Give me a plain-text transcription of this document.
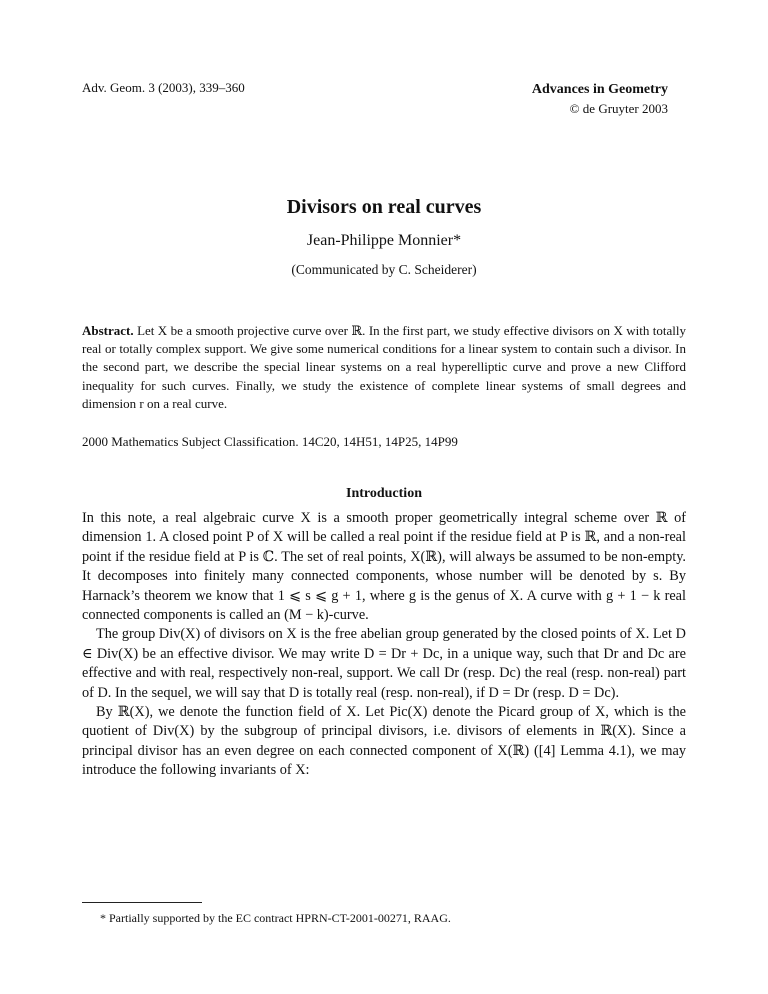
Adv. Geom. 3 (2003), 339–360	Advances in Geometry
© de Gruyter 2003
Divisors on real curves
Jean-Philippe Monnier*
(Communicated by C. Scheiderer)

Abstract. Let X be a smooth projective curve over ℝ. In the first part, we study effective divisors on X with totally real or totally complex support. We give some numerical conditions for a linear system to contain such a divisor. In the second part, we describe the special linear systems on a real hyperelliptic curve and prove a new Clifford inequality for such curves. Finally, we study the existence of complete linear systems of small degrees and dimension r on a real curve.

2000 Mathematics Subject Classification. 14C20, 14H51, 14P25, 14P99

Introduction

In this note, a real algebraic curve X is a smooth proper geometrically integral scheme over ℝ of dimension 1. A closed point P of X will be called a real point if the residue field at P is ℝ, and a non-real point if the residue field at P is ℂ. The set of real points, X(ℝ), will always be assumed to be non-empty. It decomposes into finitely many connected components, whose number will be denoted by s. By Harnack’s theorem we know that 1 ⩽ s ⩽ g + 1, where g is the genus of X. A curve with g + 1 − k real connected components is called an (M − k)-curve.

The group Div(X) of divisors on X is the free abelian group generated by the closed points of X. Let D ∈ Div(X) be an effective divisor. We may write D = Dr + Dc, in a unique way, such that Dr and Dc are effective and with real, respectively non-real, support. We call Dr (resp. Dc) the real (resp. non-real) part of D. In the sequel, we will say that D is totally real (resp. non-real), if D = Dr (resp. D = Dc).

By ℝ(X), we denote the function field of X. Let Pic(X) denote the Picard group of X, which is the quotient of Div(X) by the subgroup of principal divisors, i.e. divisors of elements in ℝ(X). Since a principal divisor has an even degree on each connected component of X(ℝ) ([4] Lemma 4.1), we may introduce the following invariants of X:

* Partially supported by the EC contract HPRN-CT-2001-00271, RAAG.
